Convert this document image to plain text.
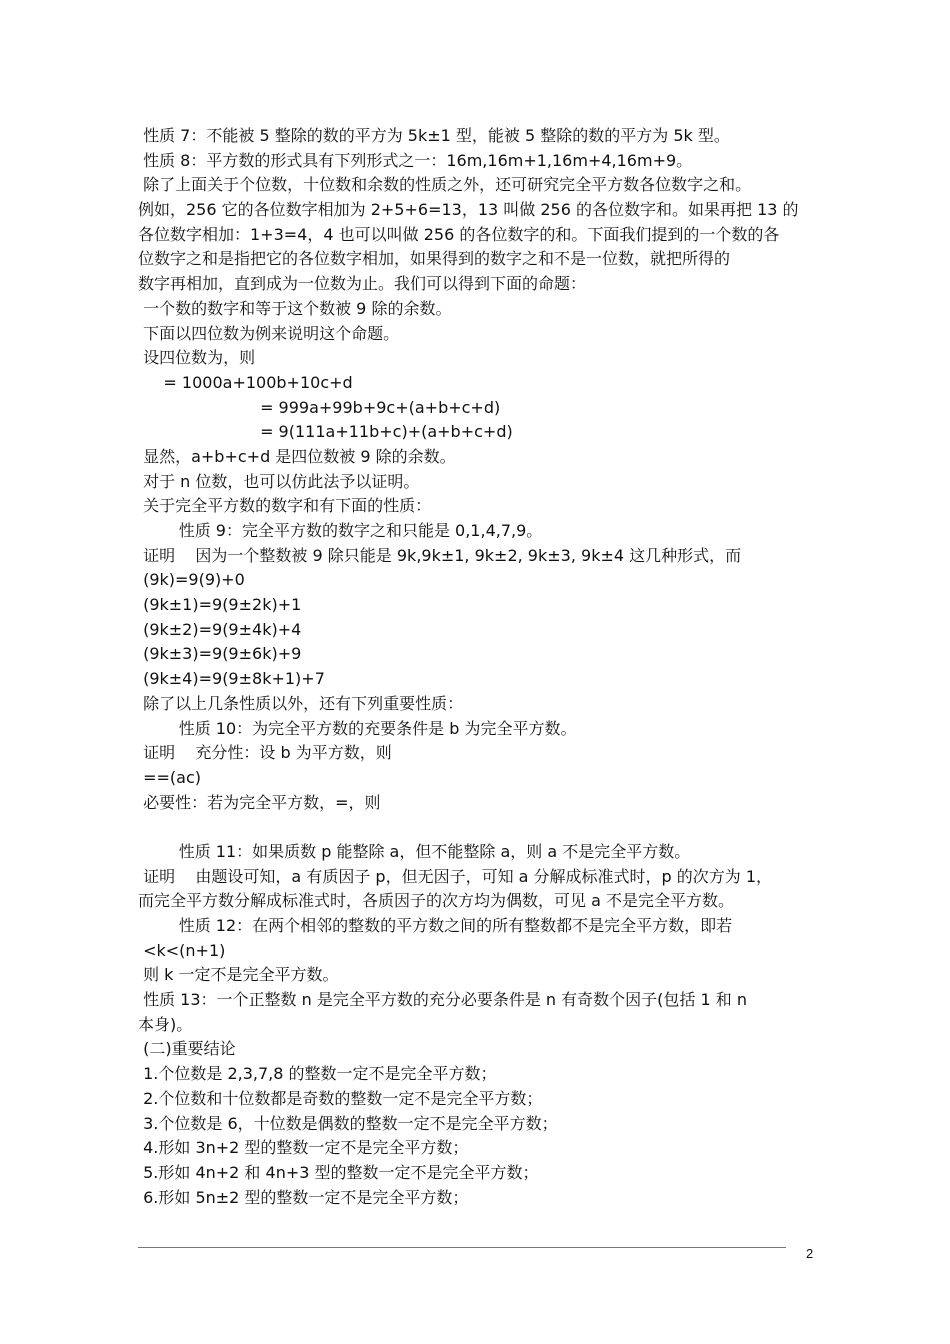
性质 7：不能被 5 整除的数的平方为 5k±1 型，能被 5 整除的数的平方为 5k 型。
性质 8：平方数的形式具有下列形式之一：16m,16m+1,16m+4,16m+9。
除了上面关于个位数，十位数和余数的性质之外，还可研究完全平方数各位数字之和。
例如，256 它的各位数字相加为 2+5+6=13，13 叫做 256 的各位数字和。如果再把 13 的
各位数字相加：1+3=4，4 也可以叫做 256 的各位数字的和。下面我们提到的一个数的各
位数字之和是指把它的各位数字相加，如果得到的数字之和不是一位数，就把所得的
数字再相加，直到成为一位数为止。我们可以得到下面的命题：
一个数的数字和等于这个数被 9 除的余数。
下面以四位数为例来说明这个命题。
设四位数为，则
= 1000a+100b+10c+d
= 999a+99b+9c+(a+b+c+d)
= 9(111a+11b+c)+(a+b+c+d)
显然，a+b+c+d 是四位数被 9 除的余数。
对于 n 位数，也可以仿此法予以证明。
关于完全平方数的数字和有下面的性质：
性质 9：完全平方数的数字之和只能是 0,1,4,7,9。
证明    因为一个整数被 9 除只能是 9k,9k±1, 9k±2, 9k±3, 9k±4 这几种形式，而
(9k)=9(9)+0
(9k±1)=9(9±2k)+1
(9k±2)=9(9±4k)+4
(9k±3)=9(9±6k)+9
(9k±4)=9(9±8k+1)+7
除了以上几条性质以外，还有下列重要性质：
性质 10：为完全平方数的充要条件是 b 为完全平方数。
证明    充分性：设 b 为平方数，则
==(ac)
必要性：若为完全平方数，=，则
性质 11：如果质数 p 能整除 a，但不能整除 a，则 a 不是完全平方数。
证明    由题设可知，a 有质因子 p，但无因子，可知 a 分解成标准式时，p 的次方为 1，
而完全平方数分解成标准式时，各质因子的次方均为偶数，可见 a 不是完全平方数。
性质 12：在两个相邻的整数的平方数之间的所有整数都不是完全平方数，即若
<k<(n+1)
则 k 一定不是完全平方数。
性质 13：一个正整数 n 是完全平方数的充分必要条件是 n 有奇数个因子(包括 1 和 n
本身)。
(二)重要结论
1.个位数是 2,3,7,8 的整数一定不是完全平方数；
2.个位数和十位数都是奇数的整数一定不是完全平方数；
3.个位数是 6，十位数是偶数的整数一定不是完全平方数；
4.形如 3n+2 型的整数一定不是完全平方数；
5.形如 4n+2 和 4n+3 型的整数一定不是完全平方数；
6.形如 5n±2 型的整数一定不是完全平方数；
2
